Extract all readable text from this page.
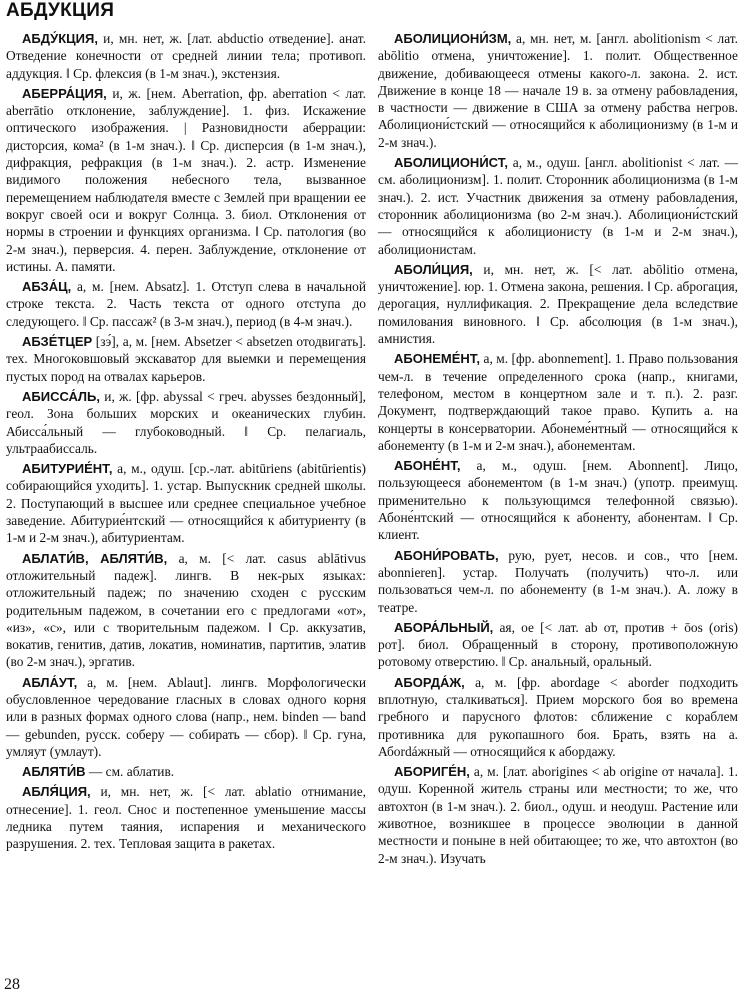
АБДУКЦИЯ

АБДУ́КЦИЯ, и, мн. нет, ж. [лат. abductio отведение]. анат. Отведение конечности от средней линии тела; противоп. аддукция. ‖ Ср. флексия (в 1-м знач.), экстензия.

АБЕРРА́ЦИЯ, и, ж. [нем. Aberration, фр. aberration < лат. aberrātio отклонение, заблуждение]. 1. физ. Искажение оптического изображения. | Разновидности аберрации: дисторсия, кома² (в 1-м знач.). ‖ Ср. дисперсия (в 1-м знач.), дифракция, рефракция (в 1-м знач.). 2. астр. Изменение видимого положения небесного тела, вызванное перемещением наблюдателя вместе с Землей при вращении ее вокруг своей оси и вокруг Солнца. 3. биол. Отклонения от нормы в строении и функциях организма. ‖ Ср. патология (во 2-м знач.), перверсия. 4. перен. Заблуждение, отклонение от истины. А. памяти.

АБЗА́Ц, а, м. [нем. Absatz]. 1. Отступ слева в начальной строке текста. 2. Часть текста от одного отступа до следующего. ‖ Ср. пассаж² (в 3-м знач.), период (в 4-м знач.).

АБЗЕ́ТЦЕР [зэ́], а, м. [нем. Absetzer < absetzen отодвигать]. тех. Многоковшовый экскаватор для выемки и перемещения пустых пород на отвалах карьеров.

АБИССА́ЛЬ, и, ж. [фр. abyssal < греч. abysses бездонный], геол. Зона больших морских и океанических глубин. Абисса́льный — глубоководный. ‖ Ср. пелагиаль, ультраабиссаль.

АБИТУРИЕ́НТ, а, м., одуш. [ср.-лат. abitūriens (abitūrientis) собирающийся уходить]. 1. устар. Выпускник средней школы. 2. Поступающий в высшее или среднее специальное учебное заведение. Абитурие́нтский — относящийся к абитуриенту (в 1-м и 2-м знач.), абитуриентам.

АБЛАТИ́В, АБЛЯТИ́В, а, м. [< лат. casus ablātivus отложительный падеж]. лингв. В нек-рых языках: отложительный падеж; по значению сходен с русским родительным падежом, в сочетании его с предлогами «от», «из», «с», или с творительным падежом. ‖ Ср. аккузатив, вокатив, генитив, датив, локатив, номинатив, партитив, элатив (во 2-м знач.), эргатив.

АБЛА́УТ, а, м. [нем. Ablaut]. лингв. Морфологически обусловленное чередование гласных в словах одного корня или в разных формах одного слова (напр., нем. binden — band — gebunden, русск. соберу — собирать — сбор). ‖ Ср. гуна, умляут (умлаут).

АБЛЯТИ́В — см. аблатив.

АБЛЯ́ЦИЯ, и, мн. нет, ж. [< лат. ablatio отнимание, отнесение]. 1. геол. Снос и постепенное уменьшение массы ледника путем таяния, испарения и механического разрушения. 2. тех. Тепловая защита в ракетах.

АБОЛИЦИОНИ́ЗМ, а, мн. нет, м. [англ. abolitionism < лат. abōlitio отмена, уничтожение]. 1. полит. Общественное движение, добивающееся отмены какого-л. закона. 2. ист. Движение в конце 18 — начале 19 в. за отмену рабовладения, в частности — движение в США за отмену рабства негров. Аболициони́стский — относящийся к аболиционизму (в 1-м и 2-м знач.).

АБОЛИЦИОНИ́СТ, а, м., одуш. [англ. abolitionist < лат. — см. аболиционизм]. 1. полит. Сторонник аболиционизма (в 1-м знач.). 2. ист. Участник движения за отмену рабовладения, сторонник аболиционизма (во 2-м знач.). Аболициони́стский — относящийся к аболиционисту (в 1-м и 2-м знач.), аболиционистам.

АБОЛИ́ЦИЯ, и, мн. нет, ж. [< лат. abōlitio отмена, уничтожение]. юр. 1. Отмена закона, решения. ‖ Ср. аброгация, дерогация, нуллификация. 2. Прекращение дела вследствие помилования виновного. ‖ Ср. абсолюция (в 1-м знач.), амнистия.

АБОНЕМЕ́НТ, а, м. [фр. abonnement]. 1. Право пользования чем-л. в течение определенного срока (напр., книгами, телефоном, местом в концертном зале и т. п.). 2. разг. Документ, подтверждающий такое право. Купить а. на концерты в консерватории. Абонеме́нтный — относящийся к абонементу (в 1-м и 2-м знач.), абонементам.

АБОНЕ́НТ, а, м., одуш. [нем. Abonnent]. Лицо, пользующееся абонементом (в 1-м знач.) (употр. преимущ. применительно к пользующимся телефонной связью). Абоне́нтский — относящийся к абоненту, абонентам. ‖ Ср. клиент.

АБОНИ́РОВАТЬ, рую, рует, несов. и сов., что [нем. abonnieren]. устар. Получать (получить) что-л. или пользоваться чем-л. по абонементу (в 1-м знач.). А. ложу в театре.

АБОРА́ЛЬНЫЙ, ая, ое [< лат. ab от, против + ōos (oris) рот]. биол. Обращенный в сторону, противоположную ротовому отверстию. ‖ Ср. анальный, оральный.

АБОРДА́Ж, а, м. [фр. abordage < aborder подходить вплотную, сталкиваться]. Прием морского боя во времена гребного и парусного флотов: сближение с кораблем противника для рукопашного боя. Брать, взять на а. Абordáжный — относящийся к абордажу.

АБОРИГЕ́Н, а, м. [лат. aborigines < ab origine от начала]. 1. одуш. Коренной житель страны или местности; то же, что автохтон (в 1-м знач.). 2. биол., одуш. и неодуш. Растение или животное, возникшее в процессе эволюции в данной местности и поныне в ней обитающее; то же, что автохтон (во 2-м знач.). Изучать

28
